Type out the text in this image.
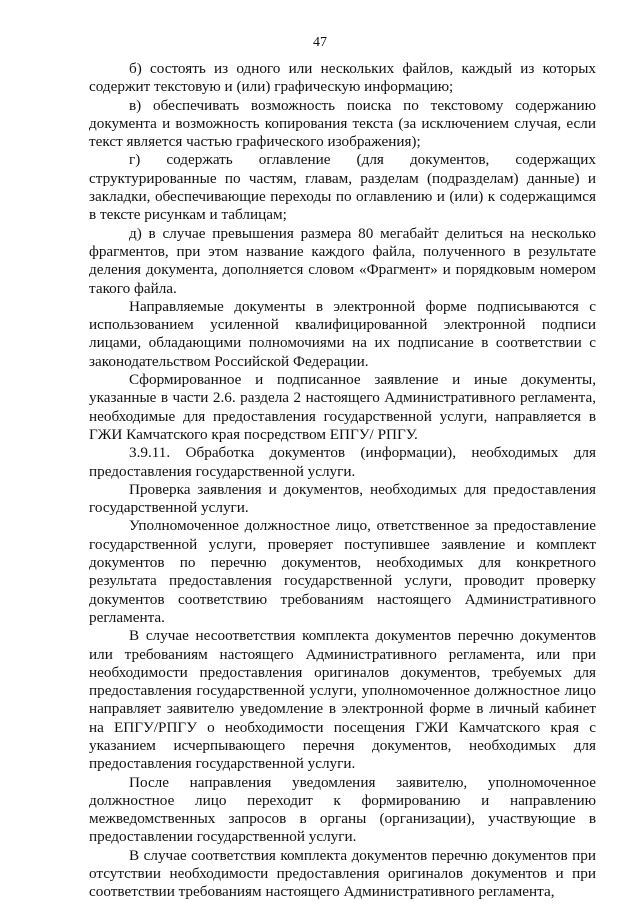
47

б) состоять из одного или нескольких файлов, каждый из которых содержит текстовую и (или) графическую информацию;

в) обеспечивать возможность поиска по текстовому содержанию документа и возможность копирования текста (за исключением случая, если текст является частью графического изображения);

г) содержать оглавление (для документов, содержащих структурированные по частям, главам, разделам (подразделам) данные) и закладки, обеспечивающие переходы по оглавлению и (или) к содержащимся в тексте рисункам и таблицам;

д) в случае превышения размера 80 мегабайт делиться на несколько фрагментов, при этом название каждого файла, полученного в результате деления документа, дополняется словом «Фрагмент» и порядковым номером такого файла.

Направляемые документы в электронной форме подписываются с использованием усиленной квалифицированной электронной подписи лицами, обладающими полномочиями на их подписание в соответствии с законодательством Российской Федерации.

Сформированное и подписанное заявление и иные документы, указанные в части 2.6. раздела 2 настоящего Административного регламента, необходимые для предоставления государственной услуги, направляется в ГЖИ Камчатского края посредством ЕПГУ/ РПГУ.

3.9.11. Обработка документов (информации), необходимых для предоставления государственной услуги.

Проверка заявления и документов, необходимых для предоставления государственной услуги.

Уполномоченное должностное лицо, ответственное за предоставление государственной услуги, проверяет поступившее заявление и комплект документов по перечню документов, необходимых для конкретного результата предоставления государственной услуги, проводит проверку документов соответствию требованиям настоящего Административного регламента.

В случае несоответствия комплекта документов перечню документов или требованиям настоящего Административного регламента, или при необходимости предоставления оригиналов документов, требуемых для предоставления государственной услуги, уполномоченное должностное лицо направляет заявителю уведомление в электронной форме в личный кабинет на ЕПГУ/РПГУ о необходимости посещения ГЖИ Камчатского края с указанием исчерпывающего перечня документов, необходимых для предоставления государственной услуги.

После направления уведомления заявителю, уполномоченное должностное лицо переходит к формированию и направлению межведомственных запросов в органы (организации), участвующие в предоставлении государственной услуги.

В случае соответствия комплекта документов перечню документов при отсутствии необходимости предоставления оригиналов документов и при соответствии требованиям настоящего Административного регламента,
